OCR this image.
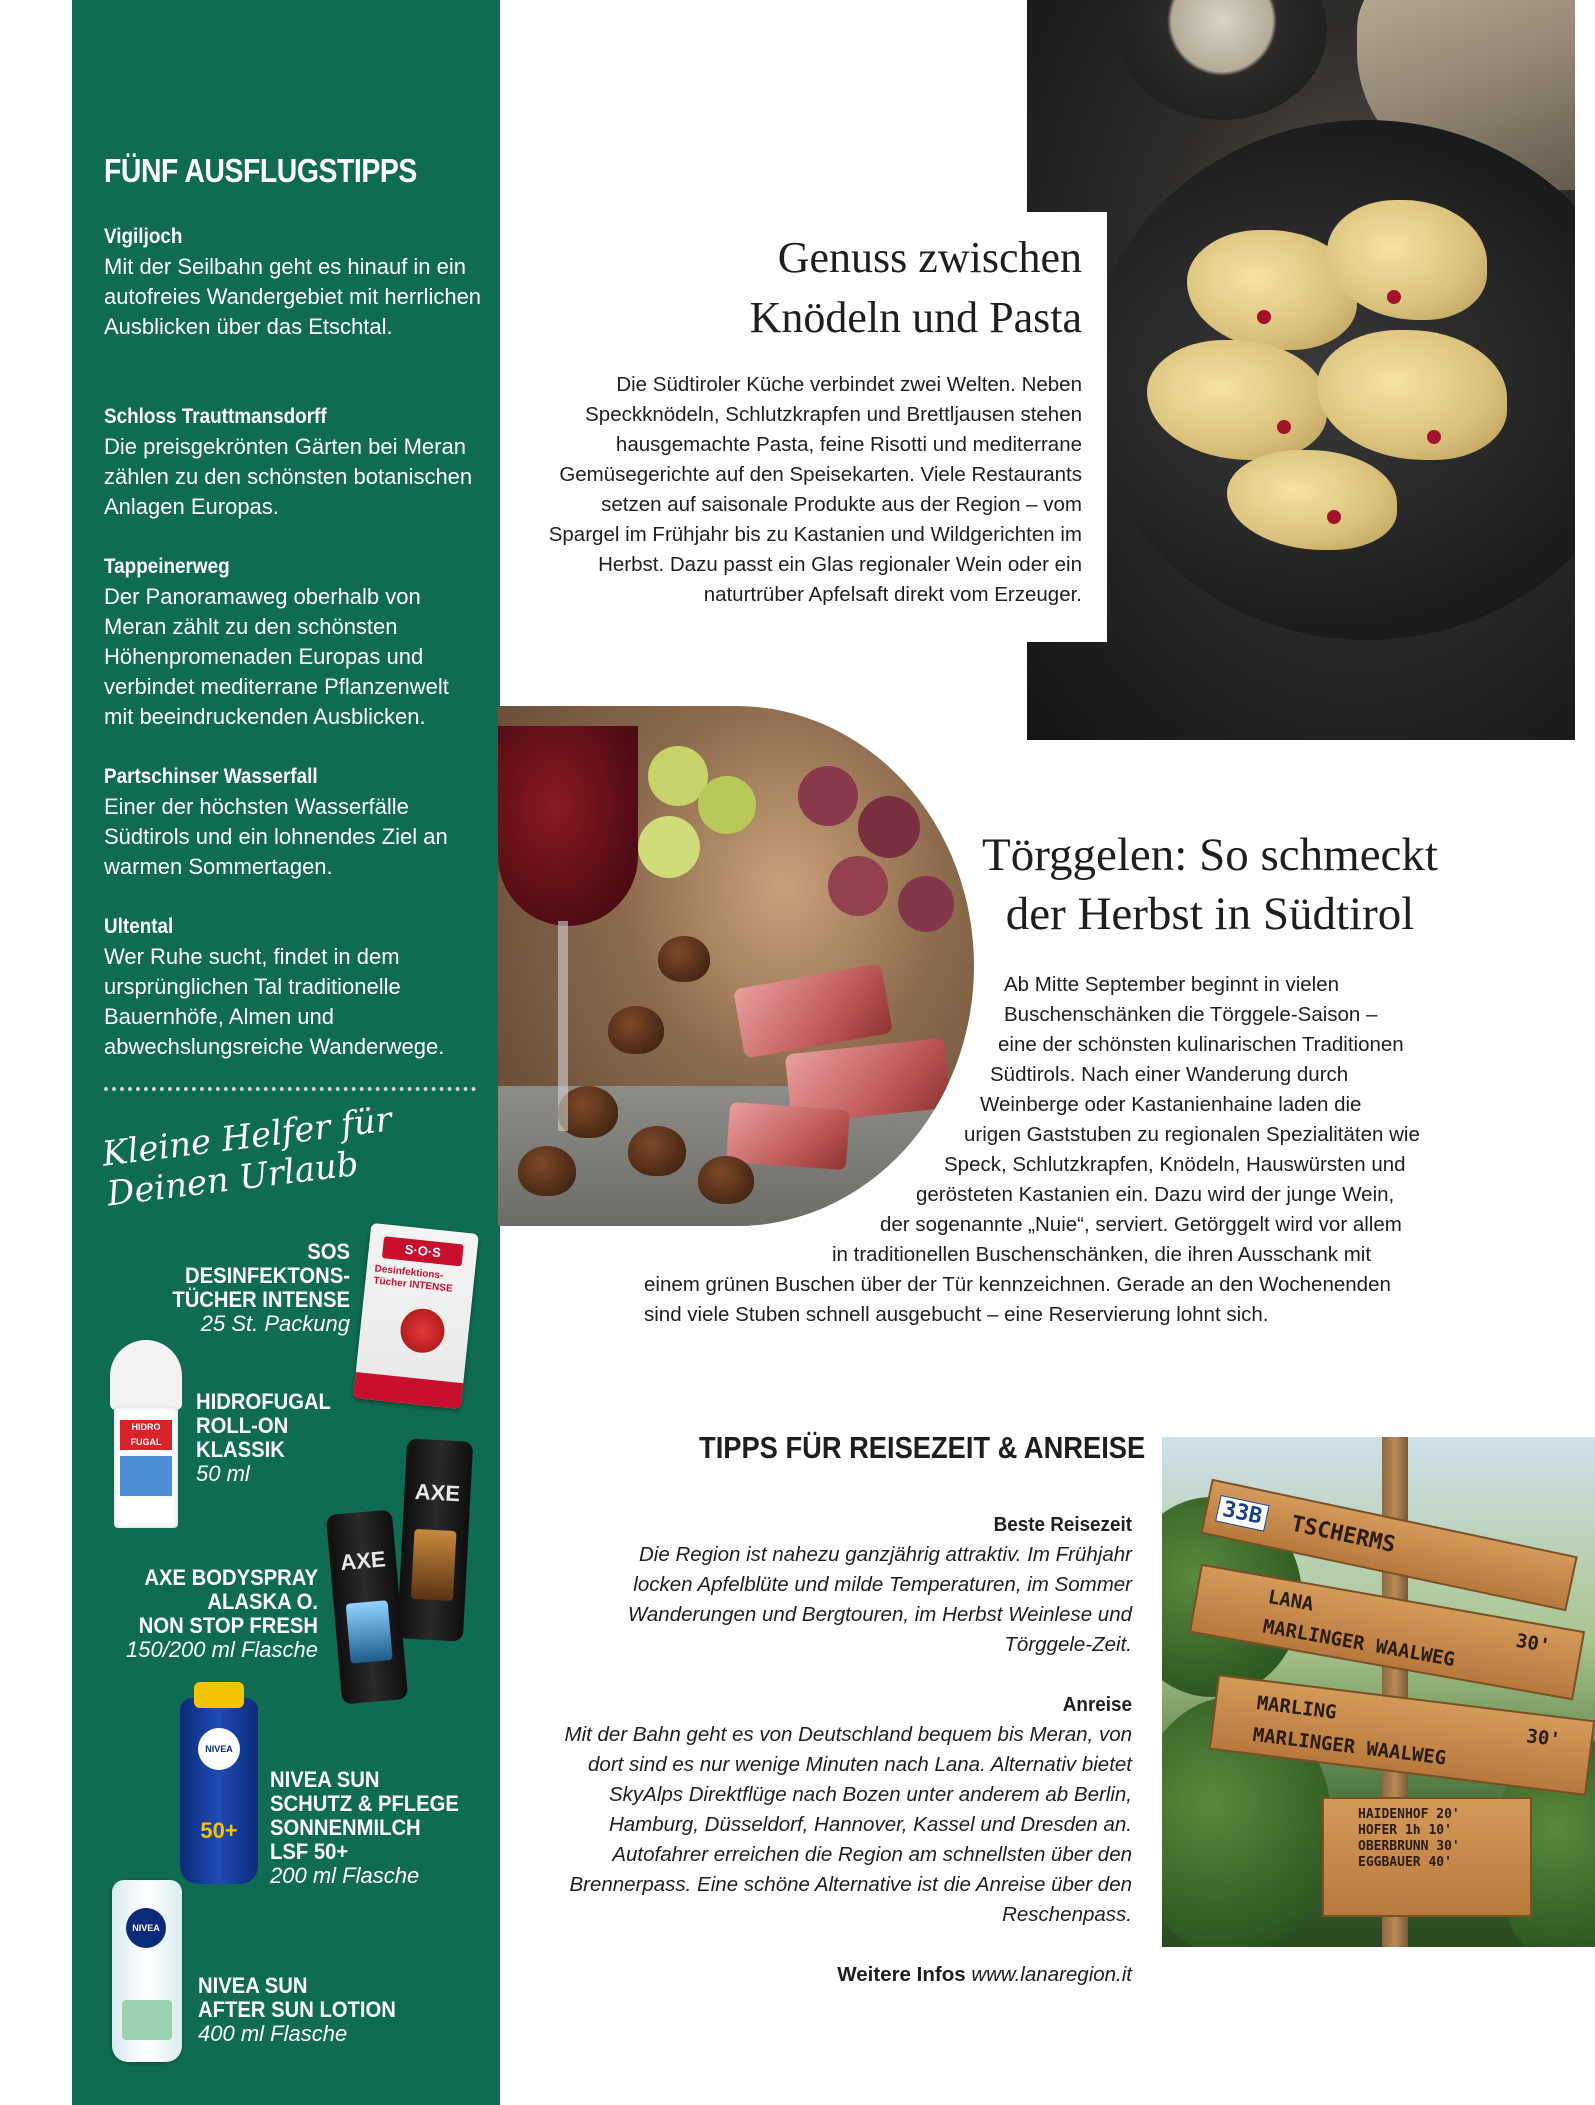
FÜNF AUSFLUGSTIPPS
Vigiljoch
Mit der Seilbahn geht es hinauf in ein autofreies Wandergebiet mit herrlichen Ausblicken über das Etschtal.
Schloss Trauttmansdorff
Die preisgekrönten Gärten bei Meran zählen zu den schönsten botanischen Anlagen Europas.
Tappeinerweg
Der Panoramaweg oberhalb von Meran zählt zu den schönsten Höhenpromenaden Europas und verbindet mediterrane Pflanzenwelt mit beeindruckenden Ausblicken.
Partschinser Wasserfall
Einer der höchsten Wasserfälle Südtirols und ein lohnendes Ziel an warmen Sommertagen.
Ultental
Wer Ruhe sucht, findet in dem ursprünglichen Tal traditionelle Bauernhöfe, Almen und abwechslungsreiche Wanderwege.
Kleine Helfer für Deinen Urlaub
SOS
DESINFEKTONS-
TÜCHER INTENSE
25 St. Packung
S·O·S
Desinfektions-Tücher INTENSE
HIDRO FUGAL
HIDROFUGAL
ROLL-ON
KLASSIK
50 ml
AXE
AXE
AXE BODYSPRAY
ALASKA O.
NON STOP FRESH
150/200 ml Flasche
NIVEA
50+
NIVEA SUN
SCHUTZ & PFLEGE
SONNENMILCH
LSF 50+
200 ml Flasche
NIVEA
NIVEA SUN
AFTER SUN LOTION
400 ml Flasche
Genuss zwischen
Knödeln und Pasta
Die Südtiroler Küche verbindet zwei Welten. Neben Speckknödeln, Schlutzkrapfen und Brettljausen stehen hausgemachte Pasta, feine Risotti und mediterrane Gemüsegerichte auf den Speisekarten. Viele Restaurants setzen auf saisonale Produkte aus der Region – vom Spargel im Frühjahr bis zu Kastanien und Wildgerichten im Herbst. Dazu passt ein Glas regionaler Wein oder ein naturtrüber Apfelsaft direkt vom Erzeuger.
Törggelen: So schmeckt
der Herbst in Südtirol
Ab Mitte September beginnt in vielen
Buschenschänken die Törggele-Saison –
eine der schönsten kulinarischen Traditionen
Südtirols. Nach einer Wanderung durch
Weinberge oder Kastanienhaine laden die
urigen Gaststuben zu regionalen Spezialitäten wie
Speck, Schlutzkrapfen, Knödeln, Hauswürsten und
gerösteten Kastanien ein. Dazu wird der junge Wein,
der sogenannte „Nuie“, serviert. Getörggelt wird vor allem
in traditionellen Buschenschänken, die ihren Ausschank mit
einem grünen Buschen über der Tür kennzeichnen. Gerade an den Wochenenden
sind viele Stuben schnell ausgebucht – eine Reservierung lohnt sich.
TIPPS FÜR REISEZEIT & ANREISE
Beste Reisezeit
Die Region ist nahezu ganzjährig attraktiv. Im Frühjahr locken Apfelblüte und milde Temperaturen, im Sommer Wanderungen und Bergtouren, im Herbst Weinlese und Törggele-Zeit.
Anreise
Mit der Bahn geht es von Deutschland bequem bis Meran, von dort sind es nur wenige Minuten nach Lana. Alternativ bietet SkyAlps Direktflüge nach Bozen unter anderem ab Berlin, Hamburg, Düsseldorf, Hannover, Kassel und Dresden an. Autofahrer erreichen die Region am schnellsten über den Brennerpass. Eine schöne Alternative ist die Anreise über den Reschenpass.
Weitere Infos www.lanaregion.it
33B TSCHERMS
LANA
MARLINGER WAALWEG	30'
MARLING
MARLINGER WAALWEG	30'
HAIDENHOF 20'
HOFER 1h 10'
OBERBRUNN 30'
EGGBAUER 40'
